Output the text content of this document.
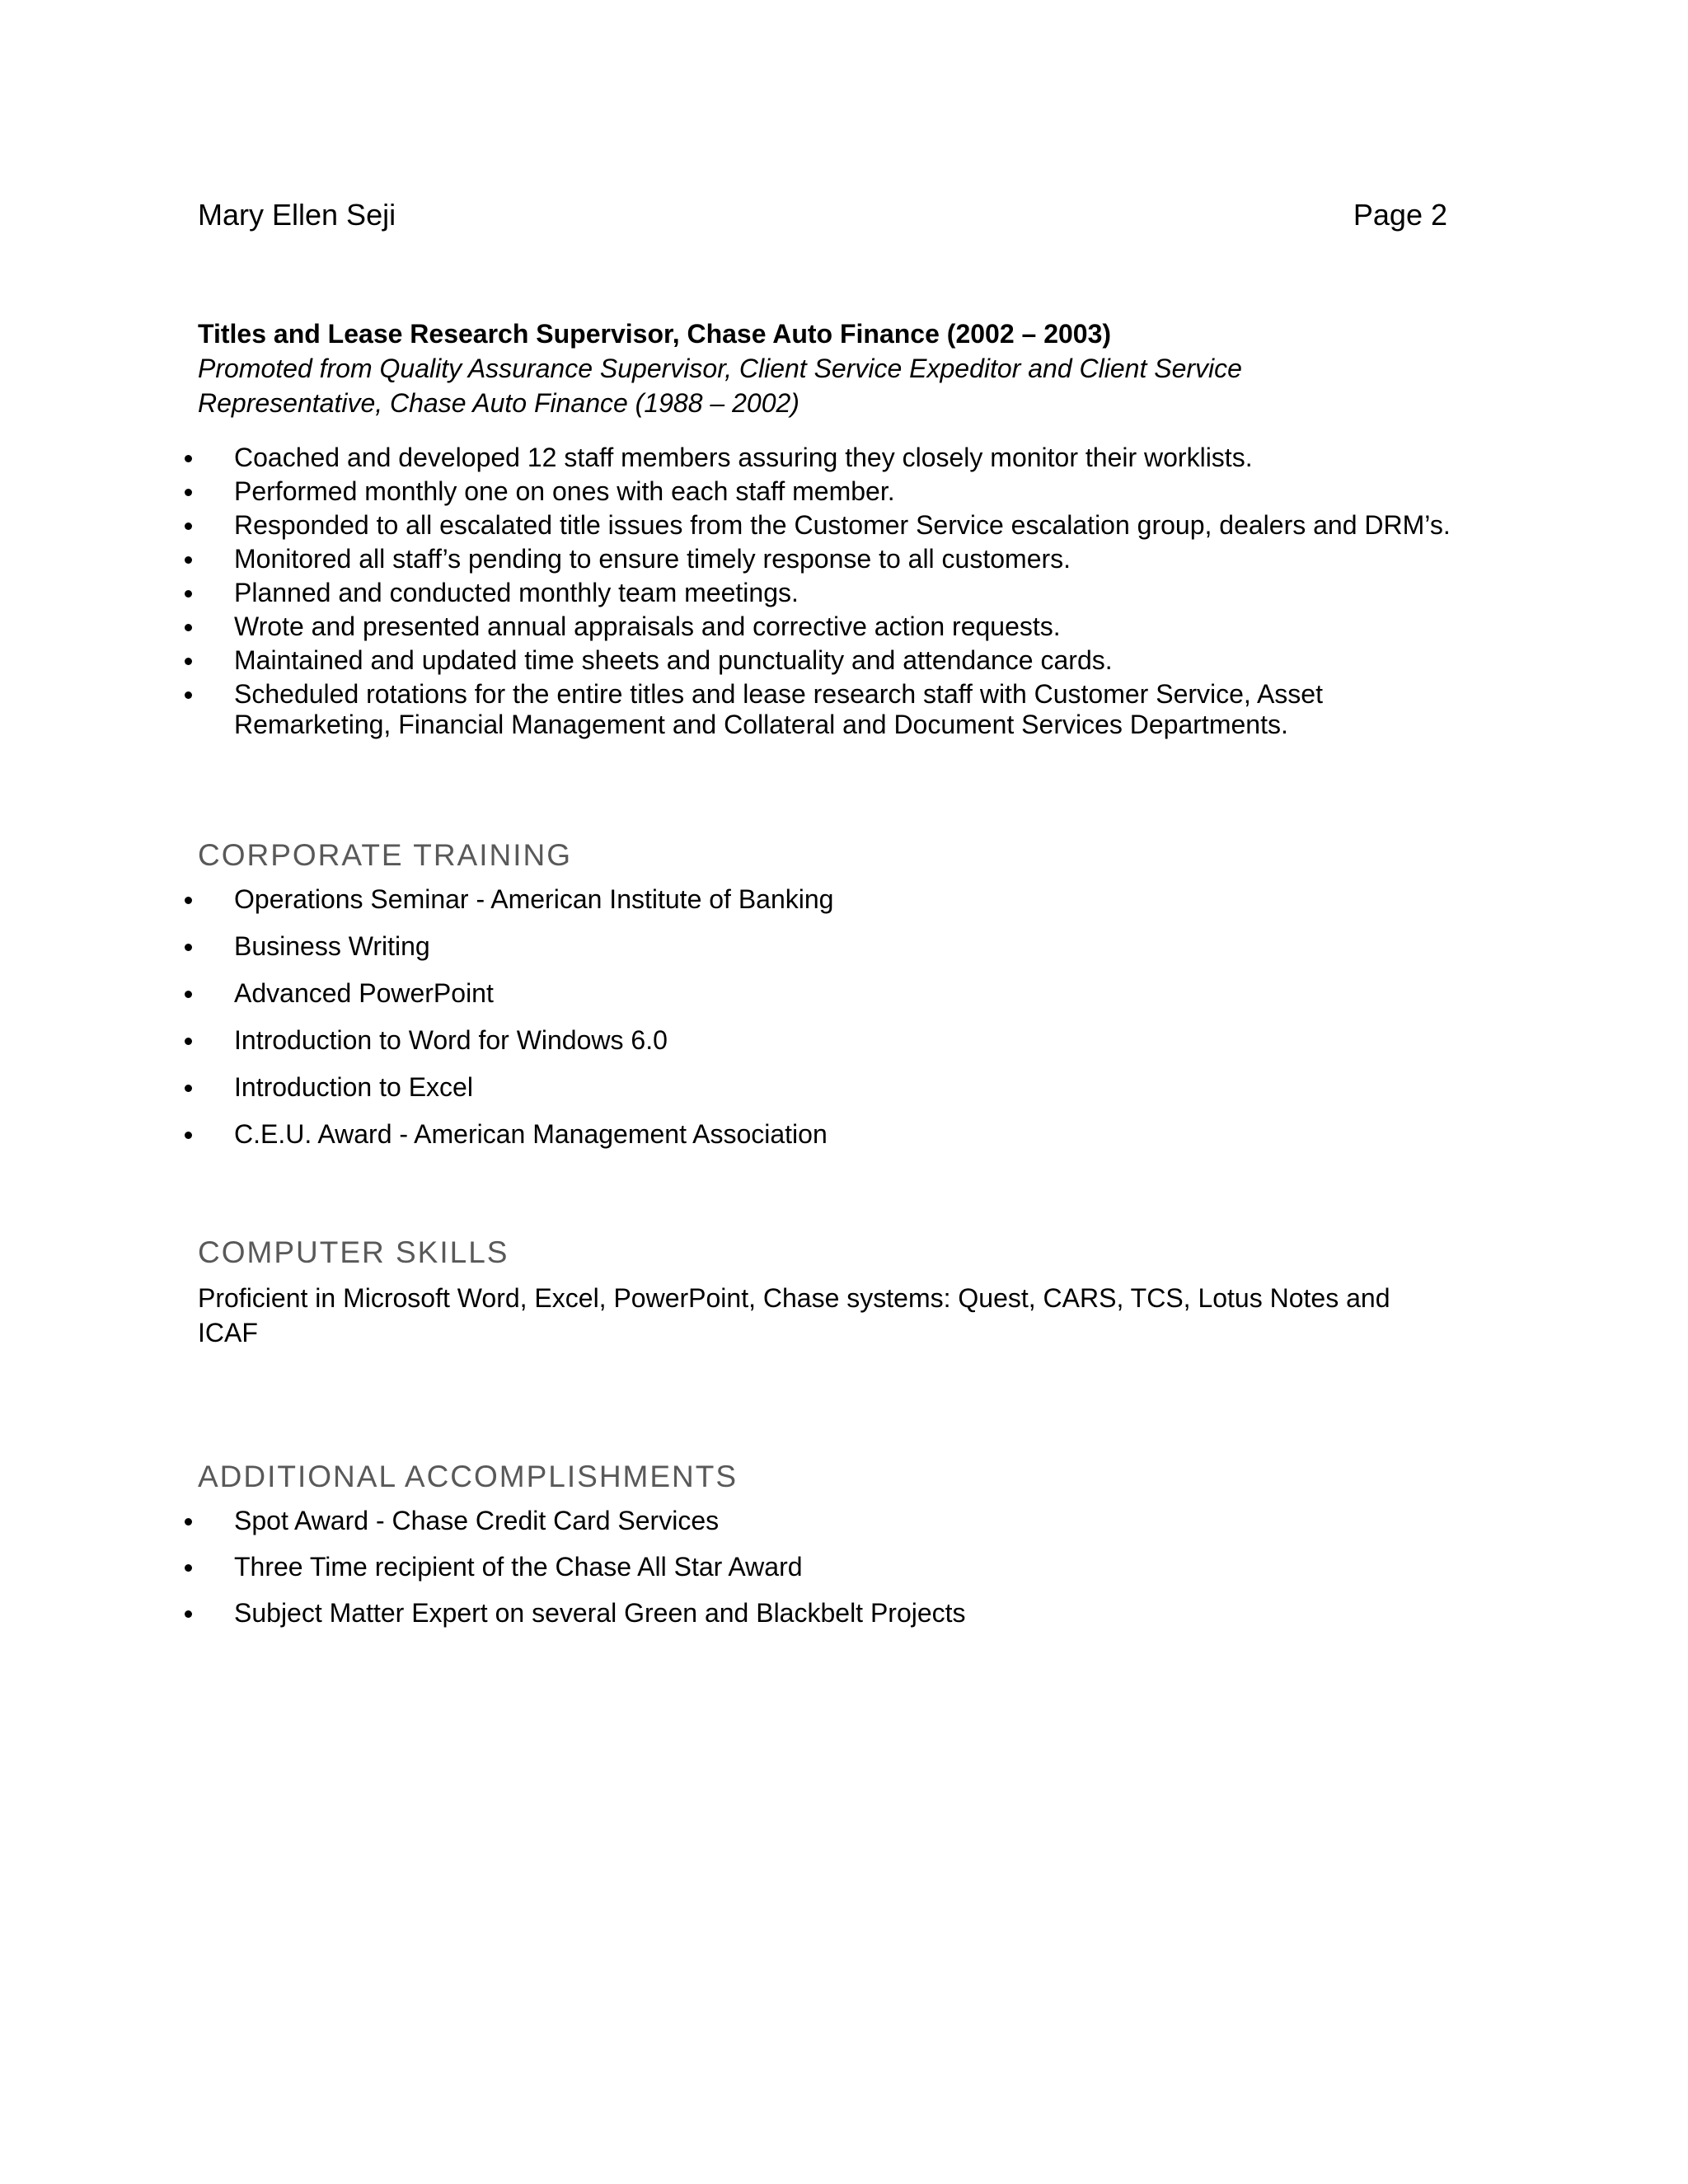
Mary Ellen Seji	Page 2

Titles and Lease Research Supervisor, Chase Auto Finance (2002 – 2003)

Promoted from Quality Assurance Supervisor, Client Service Expeditor and Client Service Representative, Chase Auto Finance (1988 – 2002)

Coached and developed 12 staff members assuring they closely monitor their worklists.
Performed monthly one on ones with each staff member.
Responded to all escalated title issues from the Customer Service escalation group, dealers and DRM’s.
Monitored all staff’s pending to ensure timely response to all customers.
Planned and conducted monthly team meetings.
Wrote and presented annual appraisals and corrective action requests.
Maintained and updated time sheets and punctuality and attendance cards.
Scheduled rotations for the entire titles and lease research staff with Customer Service, Asset Remarketing, Financial Management and Collateral and Document Services Departments.
CORPORATE TRAINING
Operations Seminar - American Institute of Banking
Business Writing
Advanced PowerPoint
Introduction to Word for Windows 6.0
Introduction to Excel
C.E.U. Award - American Management Association
COMPUTER SKILLS

Proficient in Microsoft Word, Excel, PowerPoint, Chase systems: Quest, CARS, TCS, Lotus Notes and ICAF

ADDITIONAL ACCOMPLISHMENTS
Spot Award - Chase Credit Card Services
Three Time recipient of the Chase All Star Award
Subject Matter Expert on several Green and Blackbelt Projects
